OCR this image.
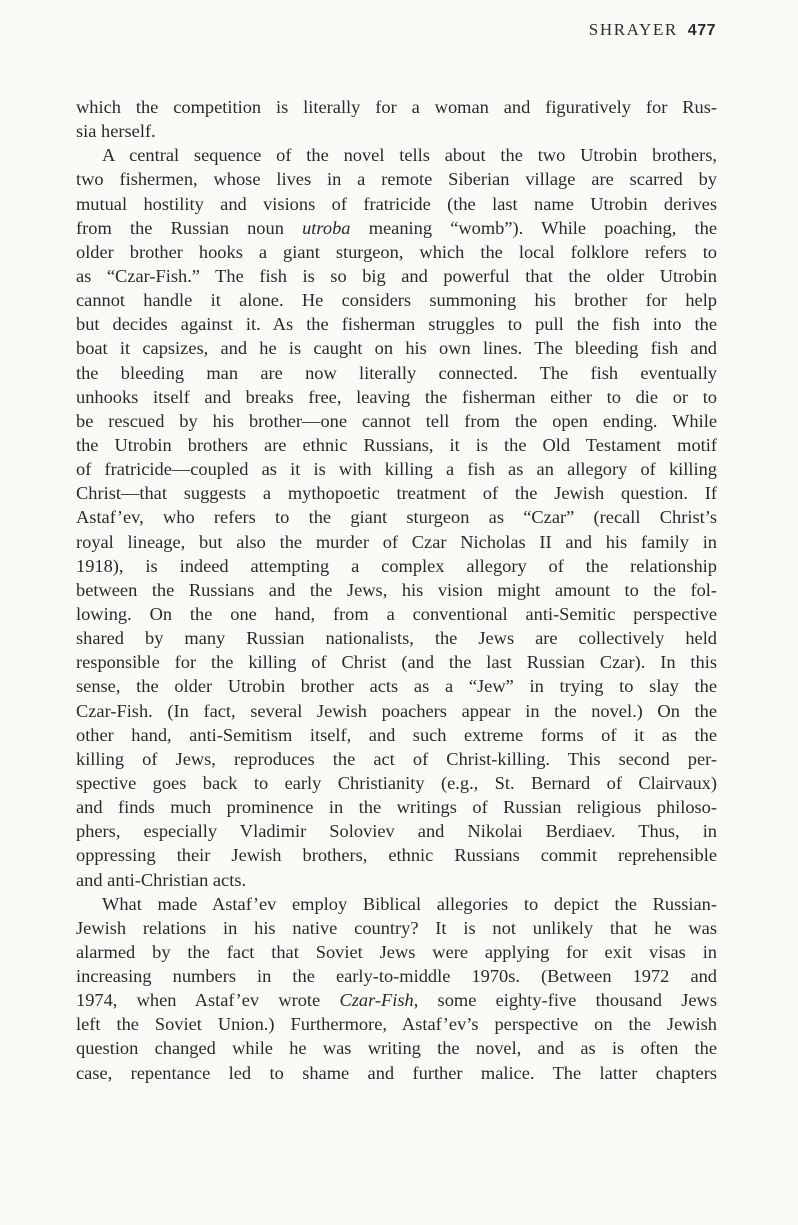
SHRAYER 477
which the competition is literally for a woman and figuratively for Rus-
sia herself.
A central sequence of the novel tells about the two Utrobin brothers,
two fishermen, whose lives in a remote Siberian village are scarred by
mutual hostility and visions of fratricide (the last name Utrobin derives
from the Russian noun utroba meaning “womb”). While poaching, the
older brother hooks a giant sturgeon, which the local folklore refers to
as “Czar-Fish.” The fish is so big and powerful that the older Utrobin
cannot handle it alone. He considers summoning his brother for help
but decides against it. As the fisherman struggles to pull the fish into the
boat it capsizes, and he is caught on his own lines. The bleeding fish and
the bleeding man are now literally connected. The fish eventually
unhooks itself and breaks free, leaving the fisherman either to die or to
be rescued by his brother—one cannot tell from the open ending. While
the Utrobin brothers are ethnic Russians, it is the Old Testament motif
of fratricide—coupled as it is with killing a fish as an allegory of killing
Christ—that suggests a mythopoetic treatment of the Jewish question. If
Astaf’ev, who refers to the giant sturgeon as “Czar” (recall Christ’s
royal lineage, but also the murder of Czar Nicholas II and his family in
1918), is indeed attempting a complex allegory of the relationship
between the Russians and the Jews, his vision might amount to the fol-
lowing. On the one hand, from a conventional anti-Semitic perspective
shared by many Russian nationalists, the Jews are collectively held
responsible for the killing of Christ (and the last Russian Czar). In this
sense, the older Utrobin brother acts as a “Jew” in trying to slay the
Czar-Fish. (In fact, several Jewish poachers appear in the novel.) On the
other hand, anti-Semitism itself, and such extreme forms of it as the
killing of Jews, reproduces the act of Christ-killing. This second per-
spective goes back to early Christianity (e.g., St. Bernard of Clairvaux)
and finds much prominence in the writings of Russian religious philoso-
phers, especially Vladimir Soloviev and Nikolai Berdiaev. Thus, in
oppressing their Jewish brothers, ethnic Russians commit reprehensible
and anti-Christian acts.
What made Astaf’ev employ Biblical allegories to depict the Russian-
Jewish relations in his native country? It is not unlikely that he was
alarmed by the fact that Soviet Jews were applying for exit visas in
increasing numbers in the early-to-middle 1970s. (Between 1972 and
1974, when Astaf’ev wrote Czar-Fish, some eighty-five thousand Jews
left the Soviet Union.) Furthermore, Astaf’ev’s perspective on the Jewish
question changed while he was writing the novel, and as is often the
case, repentance led to shame and further malice. The latter chapters
